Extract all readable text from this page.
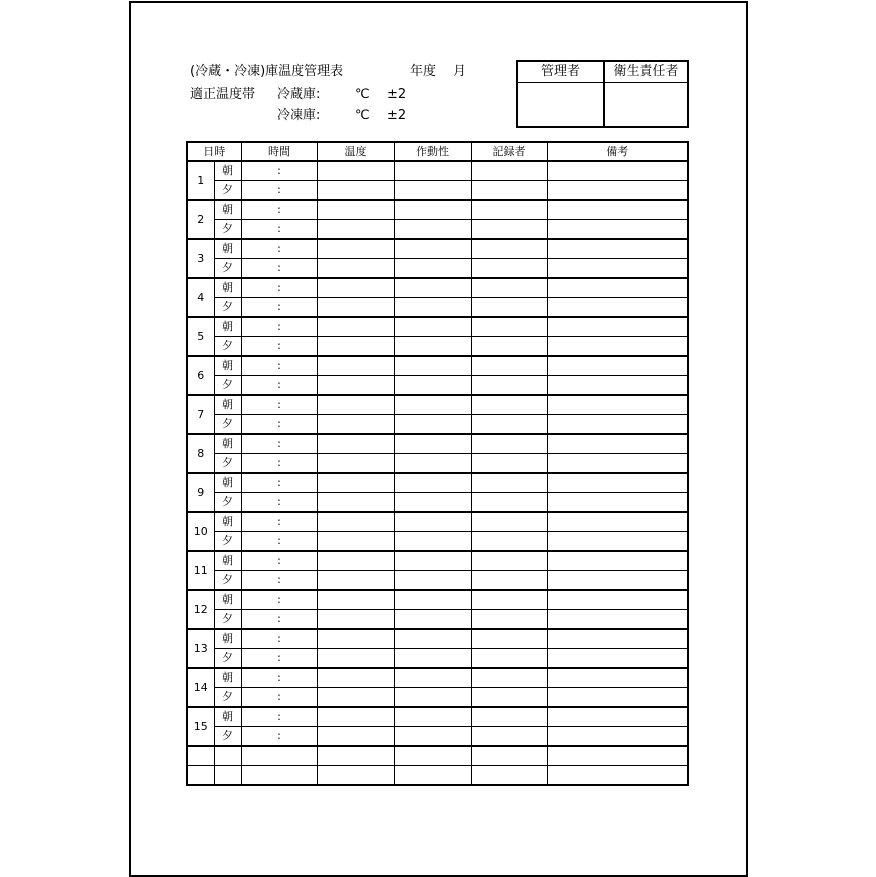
(冷蔵・冷凍)庫温度管理表	年度 月
適正温度帯 冷蔵庫:	℃ ±2
冷凍庫:	℃ ±2
管理者	衛生責任者
日時		時間	温度	作動性	記録者	備考
1	朝	:				
	夕	:				
2	朝	:				
	夕	:				
3	朝	:				
	夕	:				
4	朝	:				
	夕	:				
5	朝	:				
	夕	:				
6	朝	:				
	夕	:				
7	朝	:				
	夕	:				
8	朝	:				
	夕	:				
9	朝	:				
	夕	:				
10	朝	:				
	夕	:				
11	朝	:				
	夕	:				
12	朝	:				
	夕	:				
13	朝	:				
	夕	:				
14	朝	:				
	夕	:				
15	朝	:				
	夕	:				
